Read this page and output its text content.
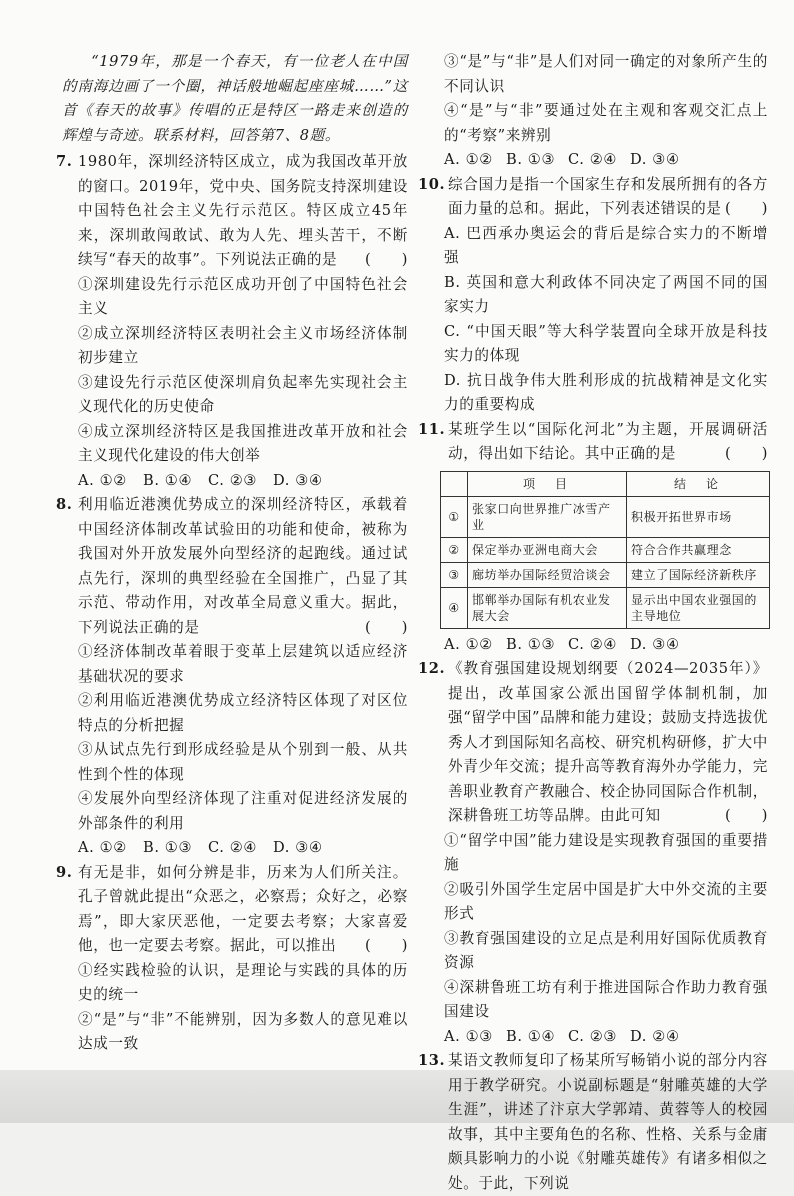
“1979年，那是一个春天，有一位老人在中国的南海边画了一个圈，神话般地崛起座座城……”这首《春天的故事》传唱的正是特区一路走来创造的辉煌与奇迹。联系材料，回答第7、8题。

7. 1980年，深圳经济特区成立，成为我国改革开放的窗口。2019年，党中央、国务院支持深圳建设中国特色社会主义先行示范区。特区成立45年来，深圳敢闯敢试、敢为人先、埋头苦干，不断续写“春天的故事”。下列说法正确的是 (　　)

①深圳建设先行示范区成功开创了中国特色社会主义

②成立深圳经济特区表明社会主义市场经济体制初步建立

③建设先行示范区使深圳肩负起率先实现社会主义现代化的历史使命

④成立深圳经济特区是我国推进改革开放和社会主义现代化建设的伟大创举

A. ①②	B. ①④	C. ②③	D. ③④
8. 利用临近港澳优势成立的深圳经济特区，承载着中国经济体制改革试验田的功能和使命，被称为我国对外开放发展外向型经济的起跑线。通过试点先行，深圳的典型经验在全国推广，凸显了其示范、带动作用，对改革全局意义重大。据此，下列说法正确的是	(　　)

①经济体制改革着眼于变革上层建筑以适应经济基础状况的要求

②利用临近港澳优势成立经济特区体现了对区位特点的分析把握

③从试点先行到形成经验是从个别到一般、从共性到个性的体现

④发展外向型经济体现了注重对促进经济发展的外部条件的利用

A. ①②	B. ①③	C. ②④	D. ③④
9. 有无是非，如何分辨是非，历来为人们所关注。孔子曾就此提出“众恶之，必察焉；众好之，必察焉”，即大家厌恶他，一定要去考察；大家喜爱他，也一定要去考察。据此，可以推出 (　　)

①经实践检验的认识，是理论与实践的具体的历史的统一

②“是”与“非”不能辨别，因为多数人的意见难以达成一致

③“是”与“非”是人们对同一确定的对象所产生的不同认识

④“是”与“非”要通过处在主观和客观交汇点上的“考察”来辨别

A. ①② B. ①③ C. ②④ D. ③④
10. 综合国力是指一个国家生存和发展所拥有的各方面力量的总和。据此，下列表述错误的是 (　　)

A. 巴西承办奥运会的背后是综合实力的不断增强

B. 英国和意大利政体不同决定了两国不同的国家实力

C. “中国天眼”等大科学装置向全球开放是科技实力的体现

D. 抗日战争伟大胜利形成的抗战精神是文化实力的重要构成

11. 某班学生以“国际化河北”为主题，开展调研活动，得出如下结论。其中正确的是	(　　)

	项　目	结　论
①	张家口向世界推广冰雪产业	积极开拓世界市场
②	保定举办亚洲电商大会	符合合作共赢理念
③	廊坊举办国际经贸洽谈会	建立了国际经济新秩序
④	邯郸举办国际有机农业发展大会	显示出中国农业强国的主导地位
A. ①② B. ①③ C. ②④ D. ③④
12. 《教育强国建设规划纲要（2024—2035年）》提出，改革国家公派出国留学体制机制，加强“留学中国”品牌和能力建设；鼓励支持选拔优秀人才到国际知名高校、研究机构研修，扩大中外青少年交流；提升高等教育海外办学能力，完善职业教育产教融合、校企协同国际合作机制，深耕鲁班工坊等品牌。由此可知	(　　)

①“留学中国”能力建设是实现教育强国的重要措施

②吸引外国学生定居中国是扩大中外交流的主要形式

③教育强国建设的立足点是利用好国际优质教育资源

④深耕鲁班工坊有利于推进国际合作助力教育强国建设

A. ①③ B. ①④ C. ②③ D. ②④
13. 某语文教师复印了杨某所写畅销小说的部分内容用于教学研究。小说副标题是“射雕英雄的大学生涯”，讲述了汴京大学郭靖、黄蓉等人的校园故事，其中主要角色的名称、性格、关系与金庸颇具影响力的小说《射雕英雄传》有诸多相似之处。于此，下列说
